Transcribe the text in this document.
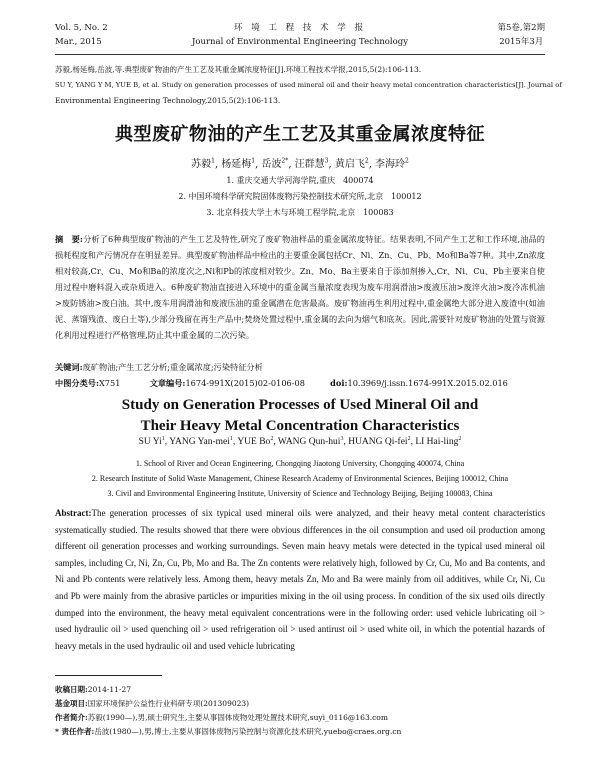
Vol. 5, No. 2
Mar., 2015
环 境 工 程 技 术 学 报
Journal of Environmental Engineering Technology
第5卷,第2期
2015年3月
苏毅,杨延梅,岳波,等.典型废矿物油的产生工艺及其重金属浓度特征[J].环境工程技术学报,2015,5(2):106-113.
SU Y, YANG Y M, YUE B, et al. Study on generation processes of used mineral oil and their heavy metal concentration characteristics[J]. Journal of
Environmental Engineering Technology,2015,5(2):106-113.
典型废矿物油的产生工艺及其重金属浓度特征
苏毅$^1$, 杨延梅$^1$, 岳波$^{2*}$, 汪群慧$^3$, 黄启飞$^2$, 李海玲$^2$
1. 重庆交通大学河海学院,重庆　400074
2. 中国环境科学研究院固体废物污染控制技术研究所,北京　100012
3. 北京科技大学土木与环境工程学院,北京　100083
摘　要:分析了6种典型废矿物油的产生工艺及特性,研究了废矿物油样品的重金属浓度特征。结果表明,不同产生工艺和工作环境,油品的损耗程度和产污情况存在明显差异。典型废矿物油样品中检出的主要重金属包括Cr、Ni、Zn、Cu、Pb、Mo和Ba等7种。其中,Zn浓度相对较高,Cr、Cu、Mo和Ba的浓度次之,Ni和Pb的浓度相对较少。Zn、Mo、Ba主要来自于添加剂掺入,Cr、Ni、Cu、Pb主要来自使用过程中磨料混入或杂质进入。6种废矿物油直接进入环境中的重金属当量浓度表现为废车用润滑油>废液压油>废淬火油>废冷冻机油>废防锈油>废白油。其中,废车用润滑油和废液压油的重金属潜在危害最高。废矿物油再生利用过程中,重金属绝大部分进入废渣中(如油泥、蒸馏残渣、废白土等),少部分残留在再生产品中;焚烧处置过程中,重金属的去向为烟气和底灰。因此,需要针对废矿物油的处置与资源化利用过程进行严格管理,防止其中重金属的二次污染。
关键词:废矿物油;产生工艺分析;重金属浓度;污染特征分析
中图分类号:X751	文章编号:1674-991X(2015)02-0106-08	doi:10.3969/j.issn.1674-991X.2015.02.016
Study on Generation Processes of Used Mineral Oil and
Their Heavy Metal Concentration Characteristics
SU Yi$^1$, YANG Yan-mei$^1$, YUE Bo$^2$, WANG Qun-hui$^3$, HUANG Qi-fei$^2$, LI Hai-ling$^2$
1. School of River and Ocean Engineering, Chongqing Jiaotong University, Chongqing 400074, China
2. Research Institute of Solid Waste Management, Chinese Research Academy of Environmental Sciences, Beijing 100012, China
3. Civil and Environmental Engineering Institute, University of Science and Technology Beijing, Beijing 100083, China
Abstract:The generation processes of six typical used mineral oils were analyzed, and their heavy metal content characteristics systematically studied. The results showed that there were obvious differences in the oil consumption and used oil production among different oil generation processes and working surroundings. Seven main heavy metals were detected in the typical used mineral oil samples, including Cr, Ni, Zn, Cu, Pb, Mo and Ba. The Zn contents were relatively high, followed by Cr, Cu, Mo and Ba contents, and Ni and Pb contents were relatively less. Among them, heavy metals Zn, Mo and Ba were mainly from oil additives, while Cr, Ni, Cu and Pb were mainly from the abrasive particles or impurities mixing in the oil using process. In condition of the six used oils directly dumped into the environment, the heavy metal equivalent concentrations were in the following order: used vehicle lubricating oil > used hydraulic oil > used quenching oil > used refrigeration oil > used antirust oil > used white oil, in which the potential hazards of heavy metals in the used hydraulic oil and used vehicle lubricating
收稿日期:2014-11-27
基金项目:国家环境保护公益性行业科研专项(201309023)
作者简介:苏毅(1990—),男,硕士研究生,主要从事固体废物处理处置技术研究,suyi_0116@163.com
* 责任作者:岳波(1980—),男,博士,主要从事固体废物污染控制与资源化技术研究,yuebo@craes.org.cn
